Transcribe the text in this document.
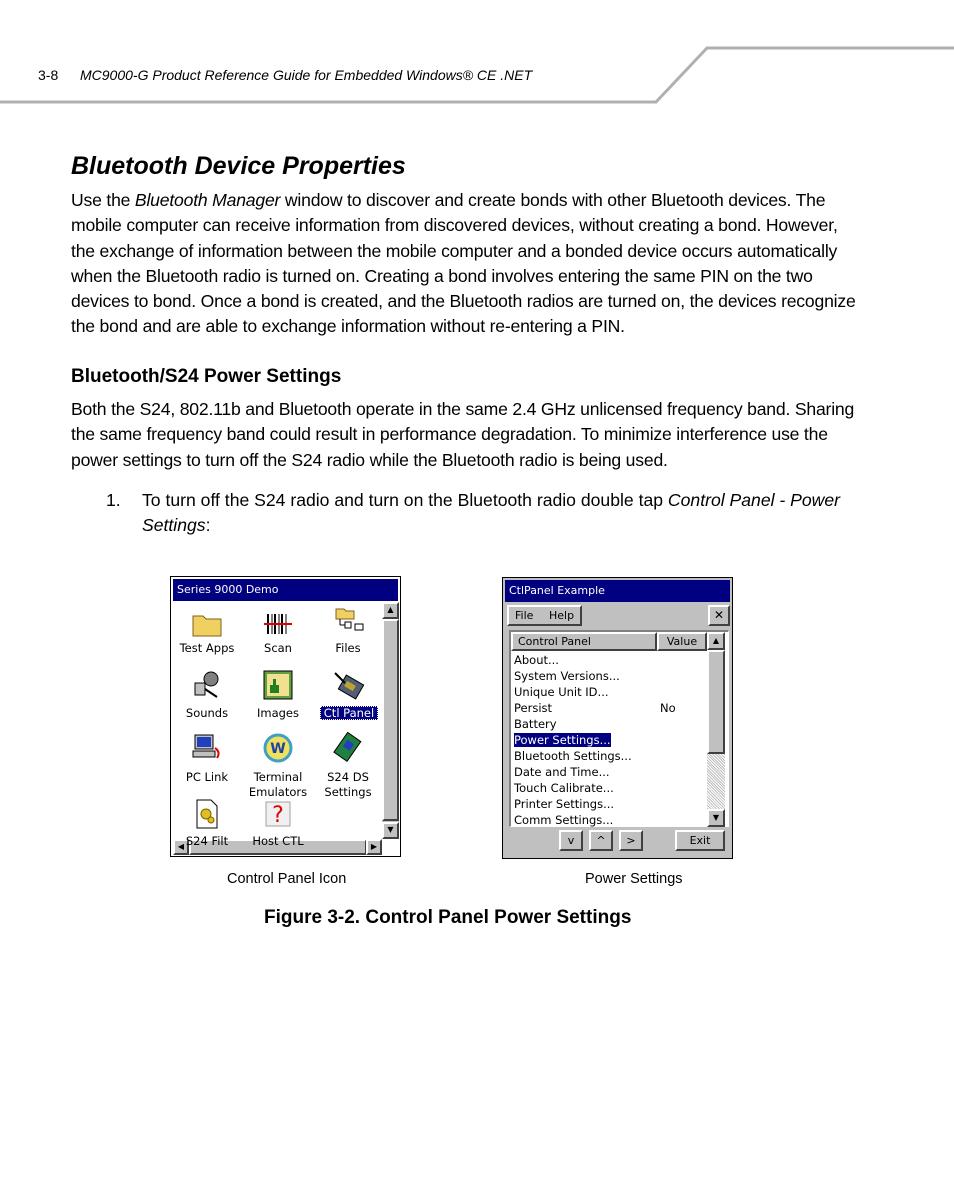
3-8 MC9000-G Product Reference Guide for Embedded Windows® CE .NET
Bluetooth Device Properties
Use the Bluetooth Manager window to discover and create bonds with other Bluetooth devices. The mobile computer can receive information from discovered devices, without creating a bond. However, the exchange of information between the mobile computer and a bonded device occurs automatically when the Bluetooth radio is turned on. Creating a bond involves entering the same PIN on the two devices to bond. Once a bond is created, and the Bluetooth radios are turned on, the devices recognize the bond and are able to exchange information without re-entering a PIN.
Bluetooth/S24 Power Settings
Both the S24, 802.11b and Bluetooth operate in the same 2.4 GHz unlicensed frequency band. Sharing the same frequency band could result in performance degradation. To minimize interference use the power settings to turn off the S24 radio while the Bluetooth radio is being used.
1. To turn off the S24 radio and turn on the Bluetooth radio double tap Control Panel - Power Settings:
Series 9000 Demo
▲
▼
◀	▶
Test Apps	Scan	Files
Sounds	Images	Ctl Panel
PC Link
W
Terminal
Emulators
S24 DS
Settings
S24 Filt
?
Host CTL
CtlPanel Example
File Help	✕
Control Panel	Value	▲
▼
About...
System Versions...
Unique Unit ID...
Persist	No
Battery
Power Settings...
Bluetooth Settings...
Date and Time...
Touch Calibrate...
Printer Settings...
Comm Settings...
v	^	>	Exit
Control Panel Icon	Power Settings
Figure 3-2. Control Panel Power Settings
